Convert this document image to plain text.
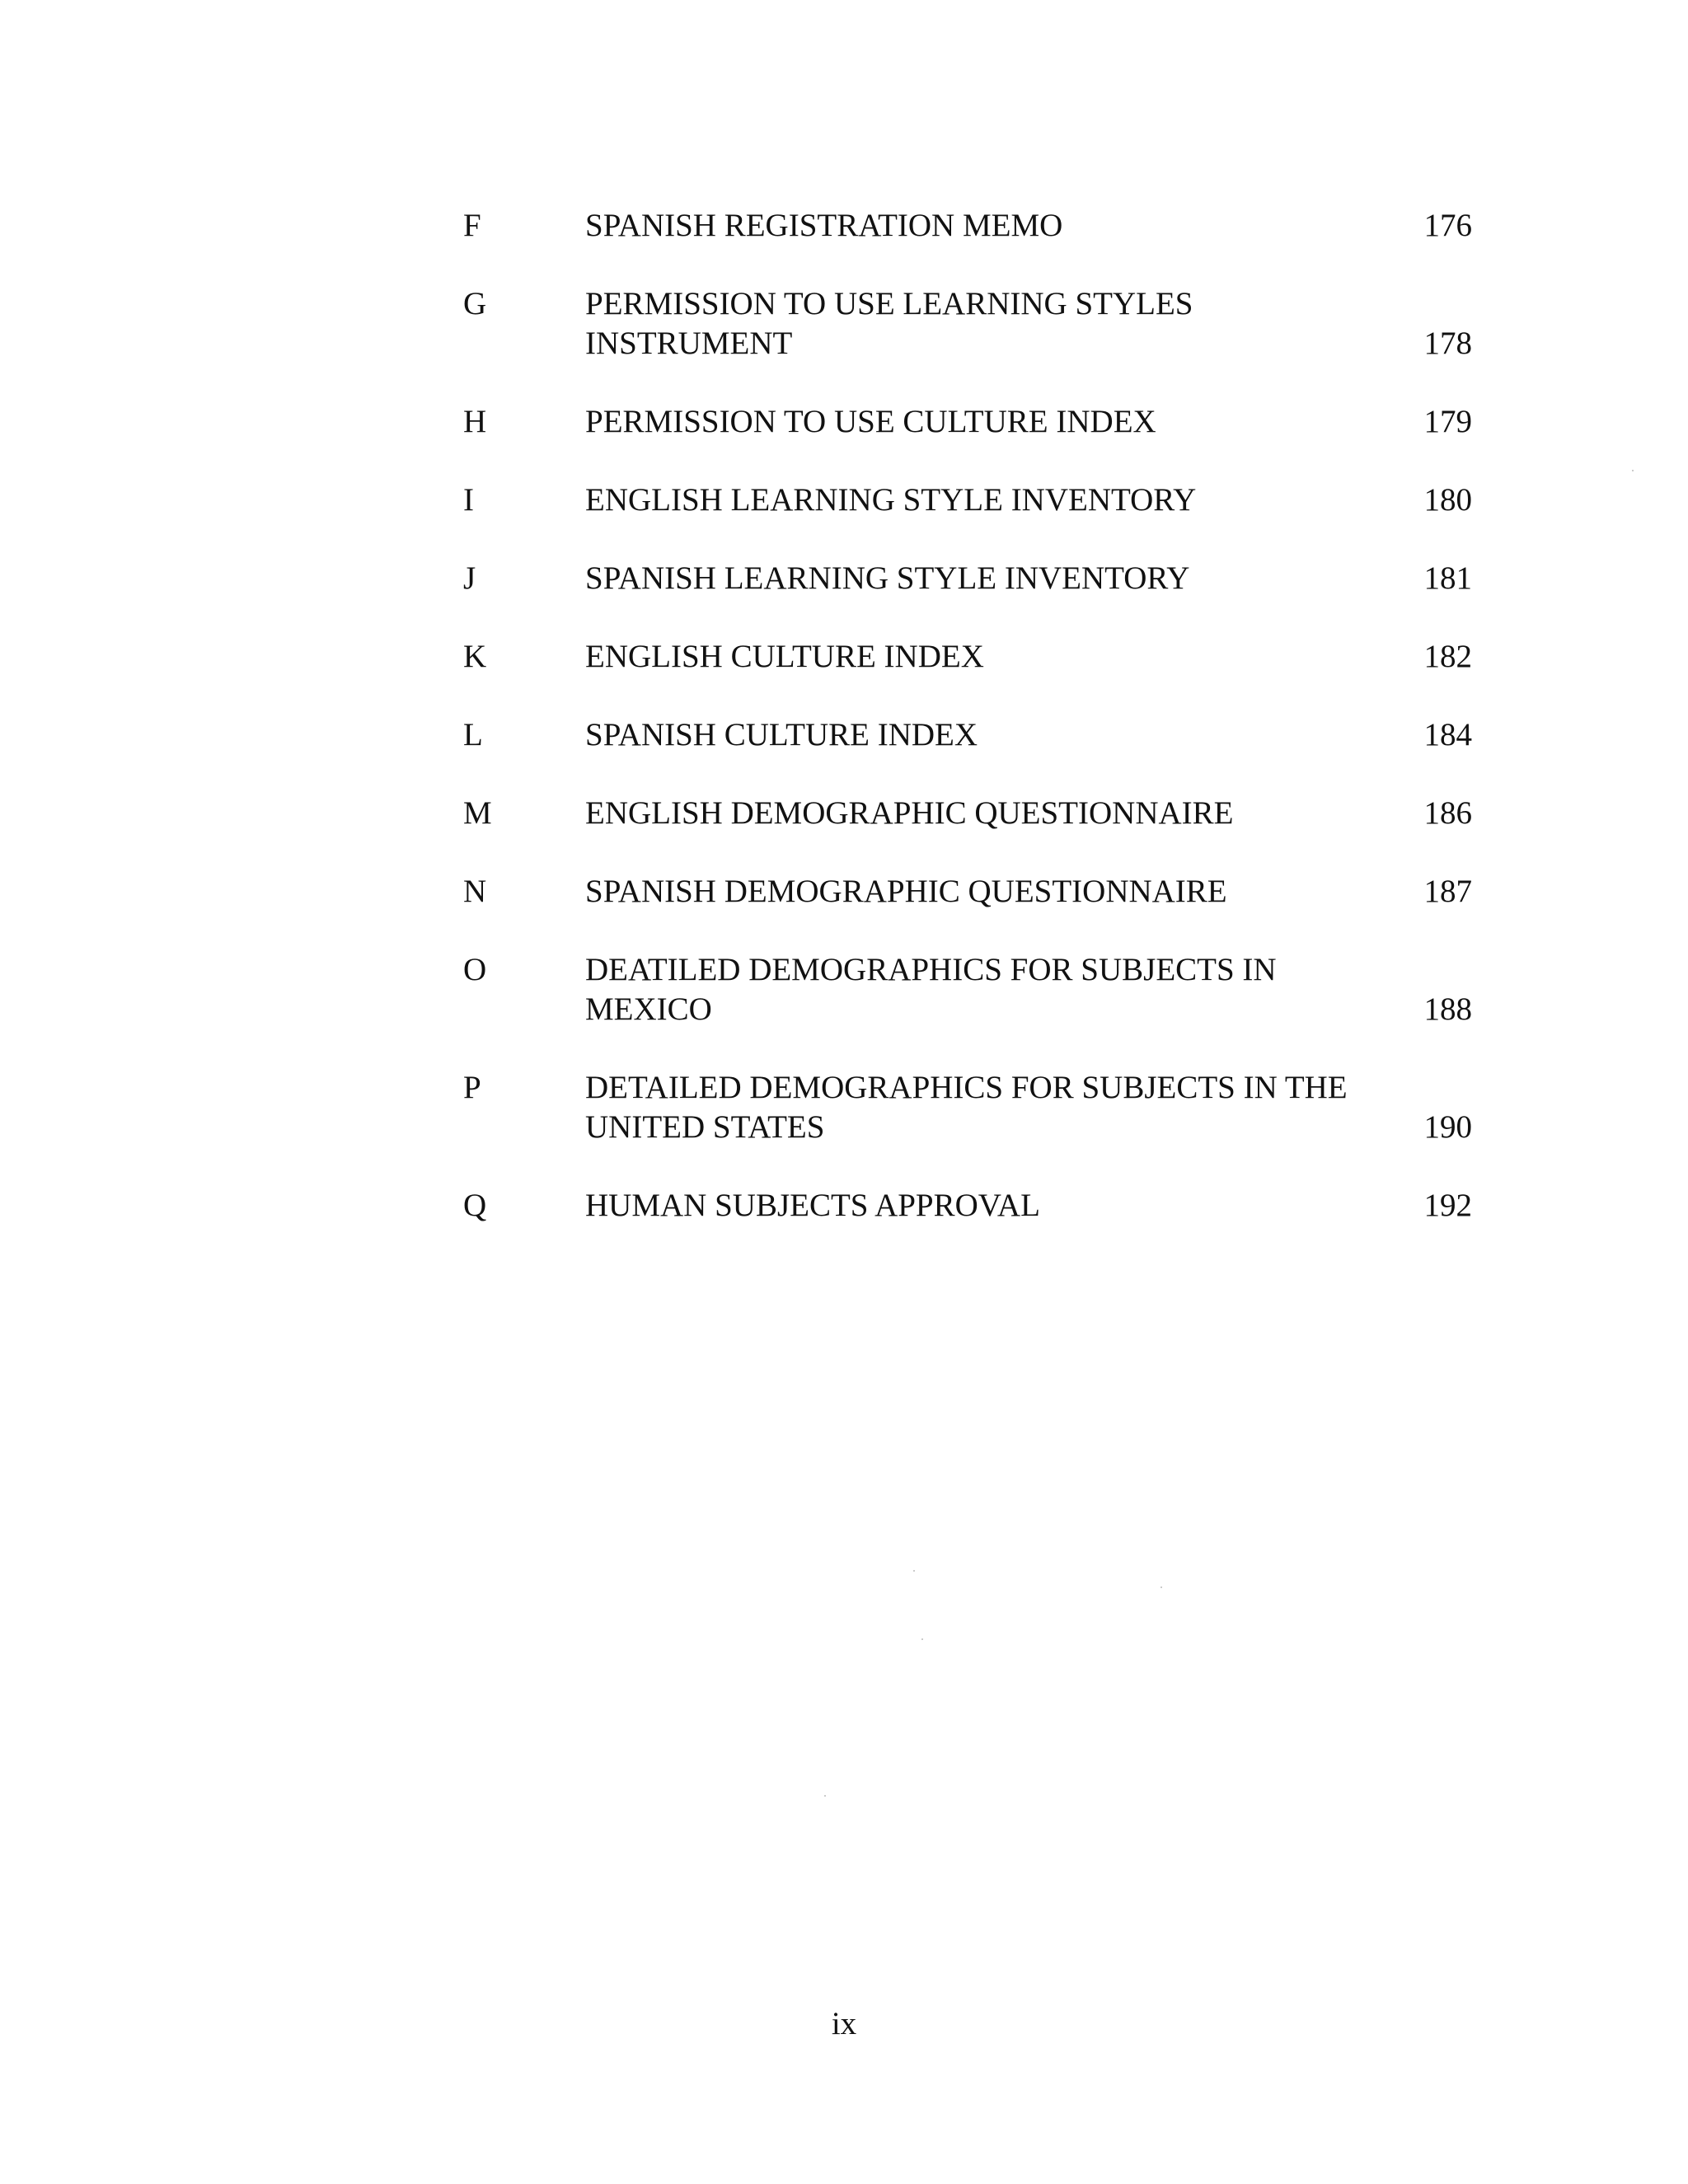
F	SPANISH REGISTRATION MEMO	176
G	PERMISSION TO USE LEARNING STYLES
INSTRUMENT	178
H	PERMISSION TO USE CULTURE INDEX	179
I	ENGLISH LEARNING STYLE INVENTORY	180
J	SPANISH LEARNING STYLE INVENTORY	181
K	ENGLISH CULTURE INDEX	182
L	SPANISH CULTURE INDEX	184
M	ENGLISH DEMOGRAPHIC QUESTIONNAIRE	186
N	SPANISH DEMOGRAPHIC QUESTIONNAIRE	187
O	DEATILED DEMOGRAPHICS FOR SUBJECTS IN
MEXICO	188
P	DETAILED DEMOGRAPHICS FOR SUBJECTS IN THE
UNITED STATES	190
Q	HUMAN SUBJECTS APPROVAL	192
ix
